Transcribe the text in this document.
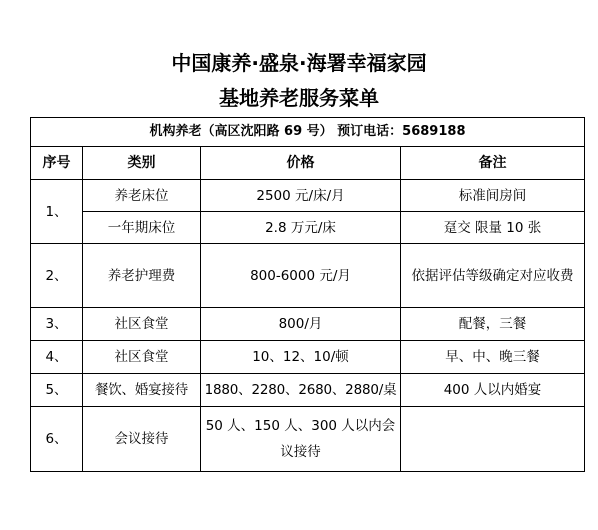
中国康养·盛泉·海署幸福家园
基地养老服务菜单
机构养老（高区沈阳路 69 号） 预订电话：5689188			
序号	类别	价格	备注
1、	养老床位	2500 元/床/月	标准间房间
	一年期床位	2.8 万元/床	趸交 限量 10 张
2、	养老护理费	800-6000 元/月	依据评估等级确定对应收费
3、	社区食堂	800/月	配餐，三餐
4、	社区食堂	10、12、10/顿	早、中、晚三餐
5、	餐饮、婚宴接待	1880、2280、2680、2880/桌	400 人以内婚宴
6、	会议接待	50 人、150 人、300 人以内会议接待	
